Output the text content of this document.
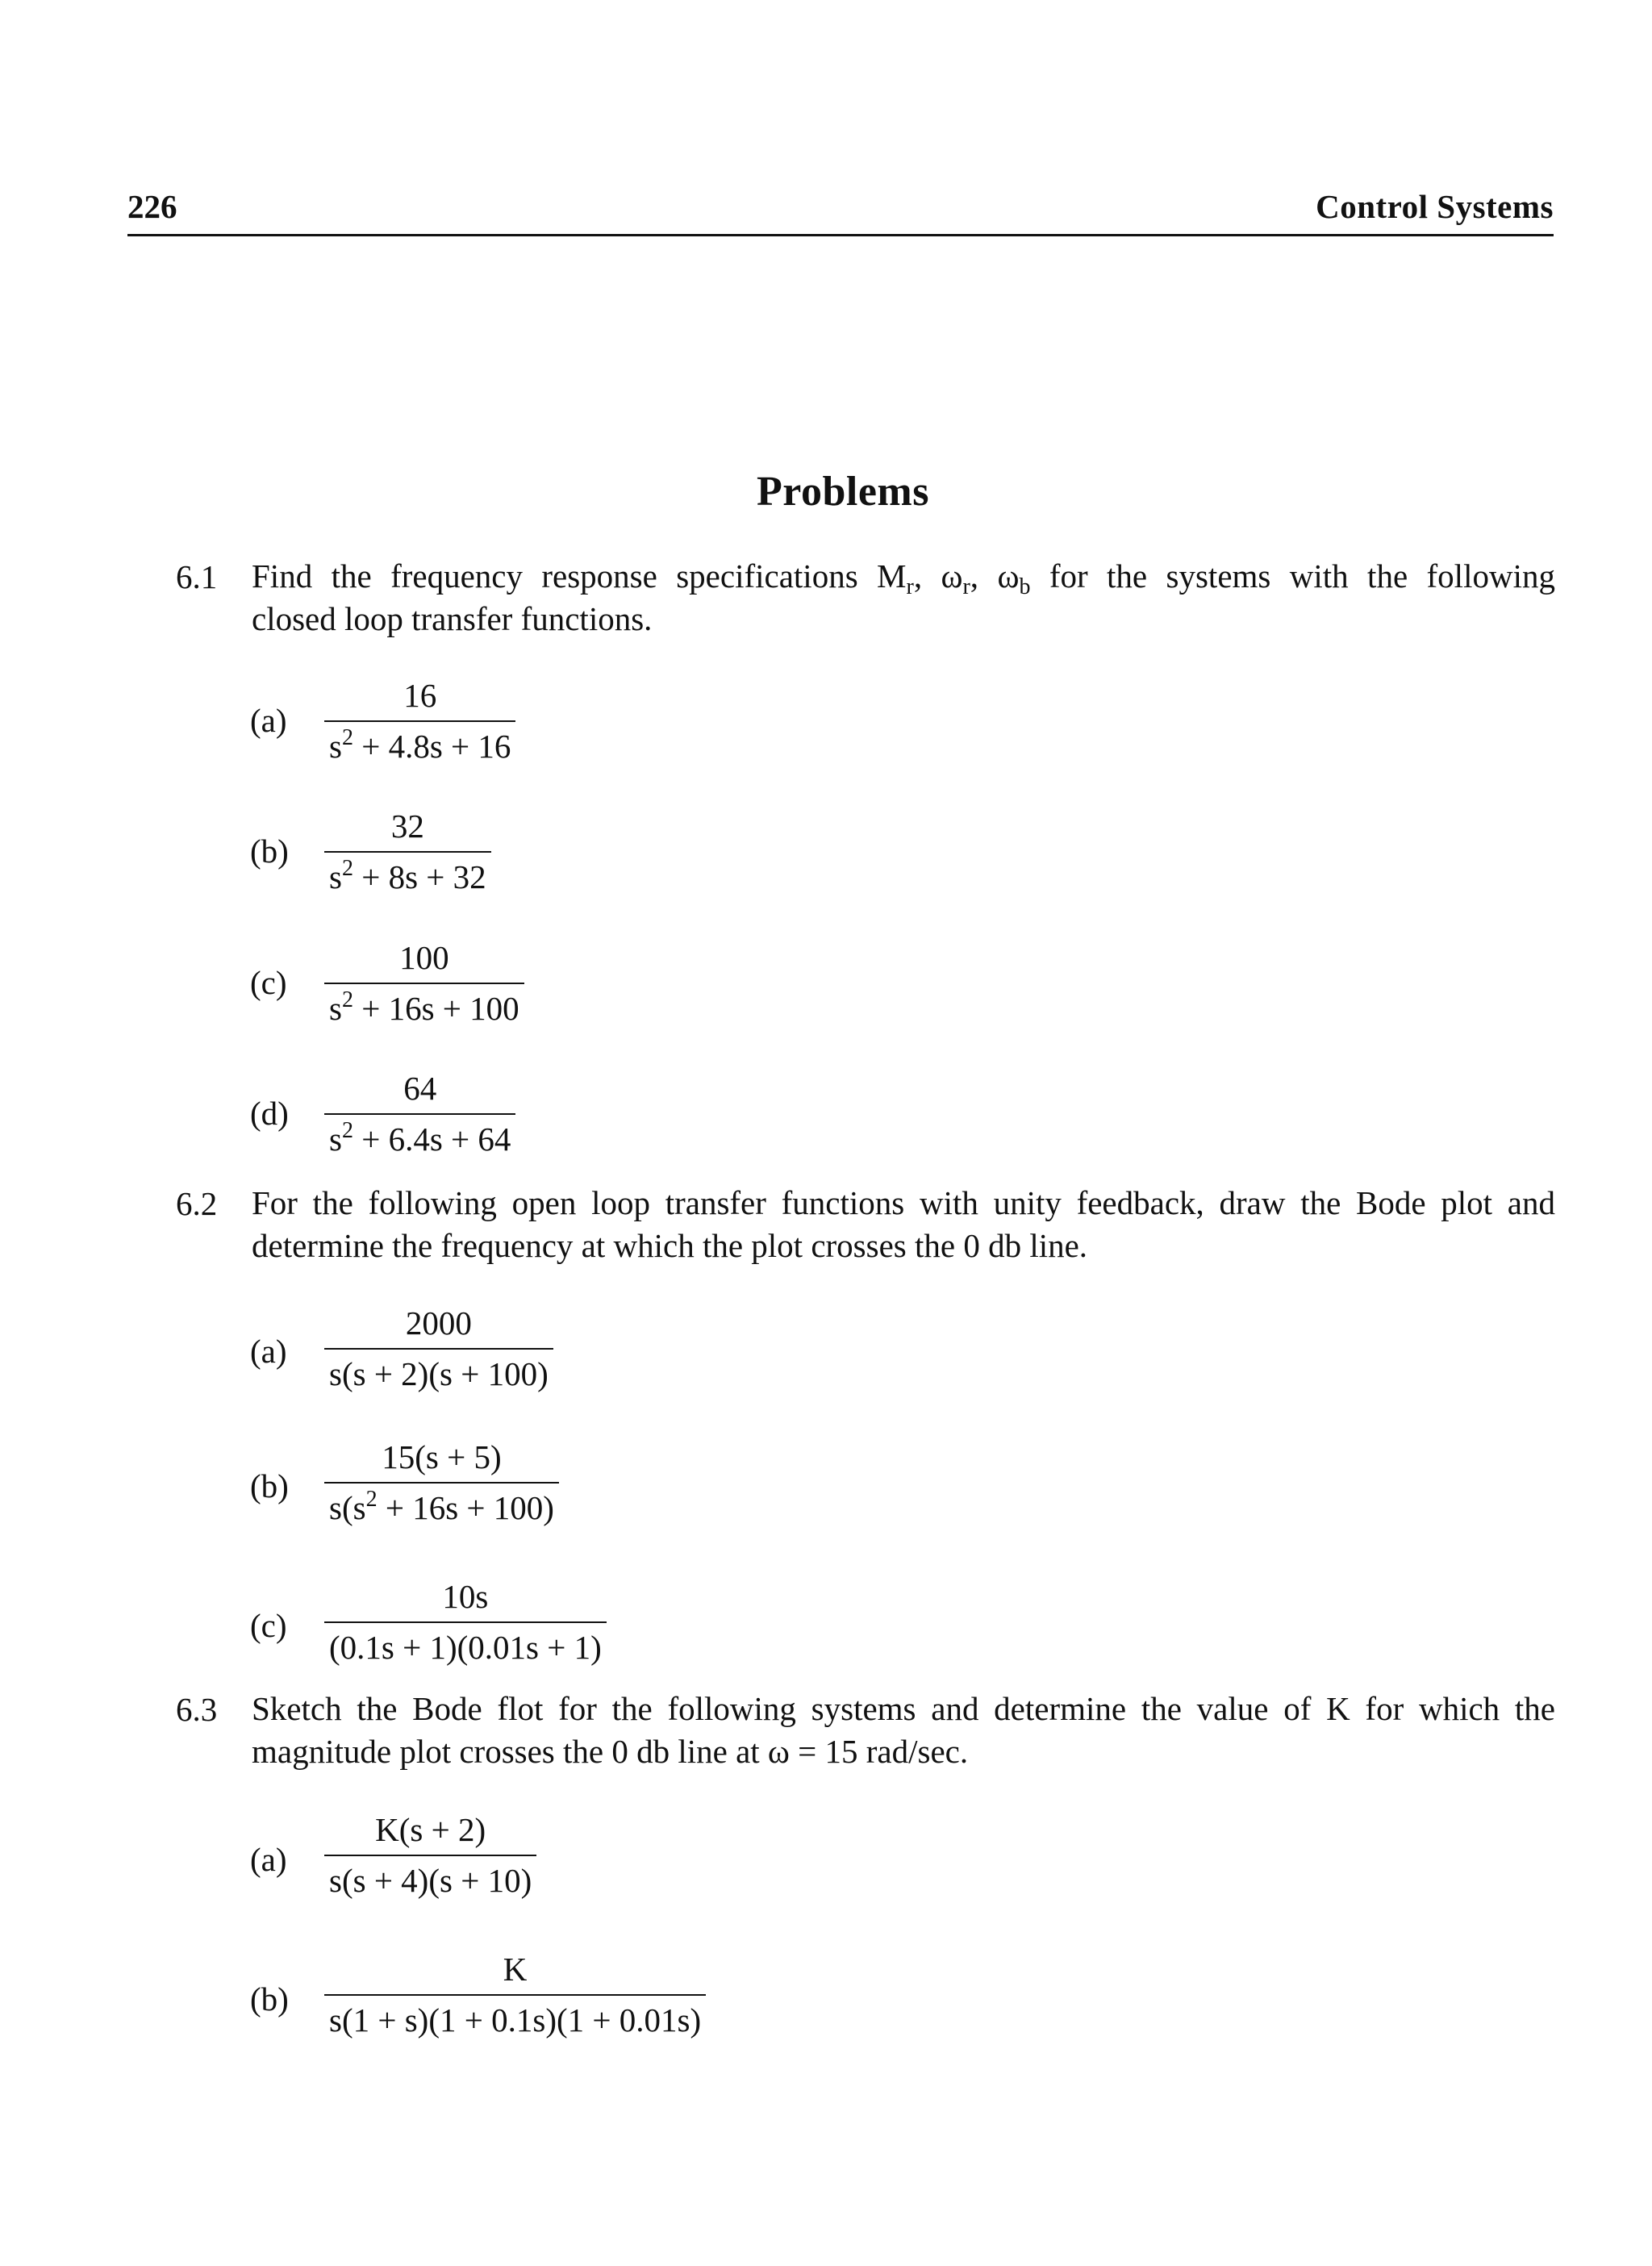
226	Control Systems
Problems
6.1 Find the frequency response specifications $M_r$, $\omega_r$, $\omega_b$ for the systems with the following
closed loop transfer functions.
(a)
16
$s^2 + 4.8s + 16$
(b)
32
$s^2 + 8s + 32$
(c)
100
$s^2 + 16s + 100$
(d)
64
$s^2 + 6.4s + 64$
6.2 For the following open loop transfer functions with unity feedback, draw the Bode plot and
determine the frequency at which the plot crosses the 0 db line.
(a)
2000
s(s + 2)(s + 100)
(b)
15(s + 5)
$s(s^2 + 16s + 100)$
(c)
10s
(0.1s + 1)(0.01s + 1)
6.3 Sketch the Bode flot for the following systems and determine the value of K for which the
magnitude plot crosses the 0 db line at ω = 15 rad/sec.
(a)
K(s + 2)
s(s + 4)(s + 10)
(b)
K
s(1 + s)(1 + 0.1s)(1 + 0.01s)
